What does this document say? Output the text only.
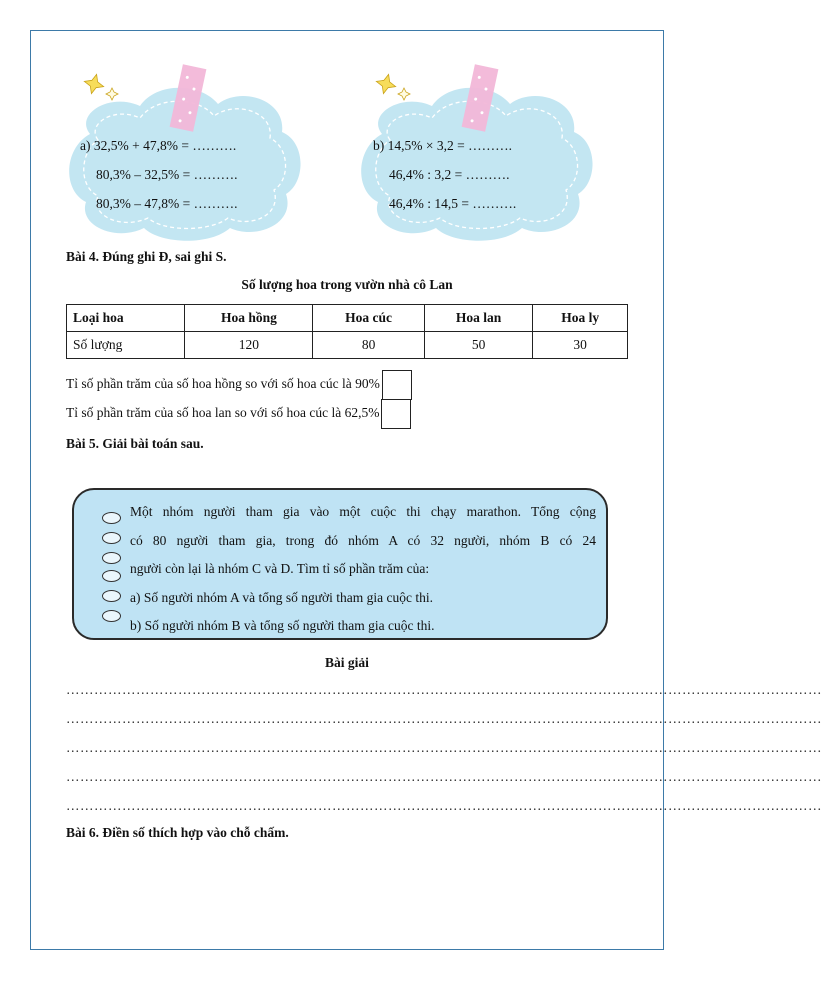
a) 32,5% + 47,8% = ……….
80,3% – 32,5% = ……….
80,3% – 47,8% = ……….
b) 14,5% × 3,2 = ……….
46,4% : 3,2 = ……….
46,4% : 14,5 = ……….
Bài 4. Đúng ghi Đ, sai ghi S.
Số lượng hoa trong vườn nhà cô Lan
Loại hoa	Hoa hồng	Hoa cúc	Hoa lan	Hoa ly
Số lượng	120	80	50	30
Tỉ số phần trăm của số hoa hồng so với số hoa cúc là 90%
Tỉ số phần trăm của số hoa lan so với số hoa cúc là 62,5%
Bài 5. Giải bài toán sau.
Một nhóm người tham gia vào một cuộc thi chạy marathon. Tổng cộng
có 80 người tham gia, trong đó nhóm A có 32 người, nhóm B có 24
người còn lại là nhóm C và D. Tìm tỉ số phần trăm của:
a) Số người nhóm A và tổng số người tham gia cuộc thi.
b) Số người nhóm B và tổng số người tham gia cuộc thi.
Bài giải
………………………………………………………………………………………………………………………………………………
………………………………………………………………………………………………………………………………………………
………………………………………………………………………………………………………………………………………………
………………………………………………………………………………………………………………………………………………
………………………………………………………………………………………………………………………………………………
Bài 6. Điền số thích hợp vào chỗ chấm.
